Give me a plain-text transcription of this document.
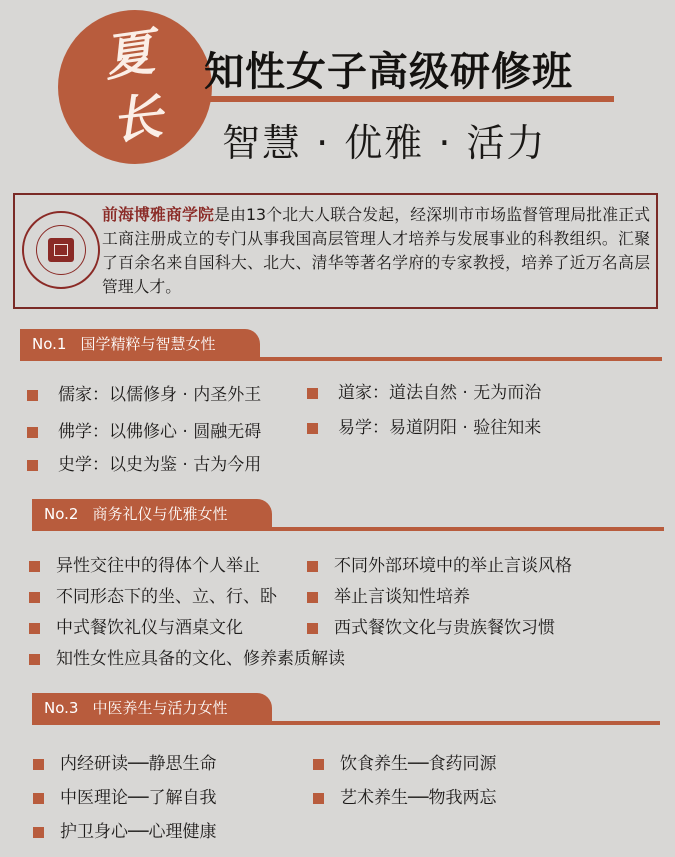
夏
长
知性女子高级研修班
智慧 · 优雅 · 活力
前海博雅商学院是由13个北大人联合发起，经深圳市市场监督管理局批准正式工商注册成立的专门从事我国高层管理人才培养与发展事业的科教组织。汇聚了百余名来自国科大、北大、清华等著名学府的专家教授，培养了近万名高层管理人才。
No.1 国学精粹与智慧女性
儒家：以儒修身 · 内圣外王	道家：道法自然 · 无为而治
佛学：以佛修心 · 圆融无碍	易学：易道阴阳 · 验往知来
史学：以史为鉴 · 古为今用
No.2 商务礼仪与优雅女性
异性交往中的得体个人举止	不同外部环境中的举止言谈风格
不同形态下的坐、立、行、卧	举止言谈知性培养
中式餐饮礼仪与酒桌文化	西式餐饮文化与贵族餐饮习惯
知性女性应具备的文化、修养素质解读
No.3 中医养生与活力女性
内经研读──静思生命	饮食养生──食药同源
中医理论──了解自我	艺术养生──物我两忘
护卫身心──心理健康
